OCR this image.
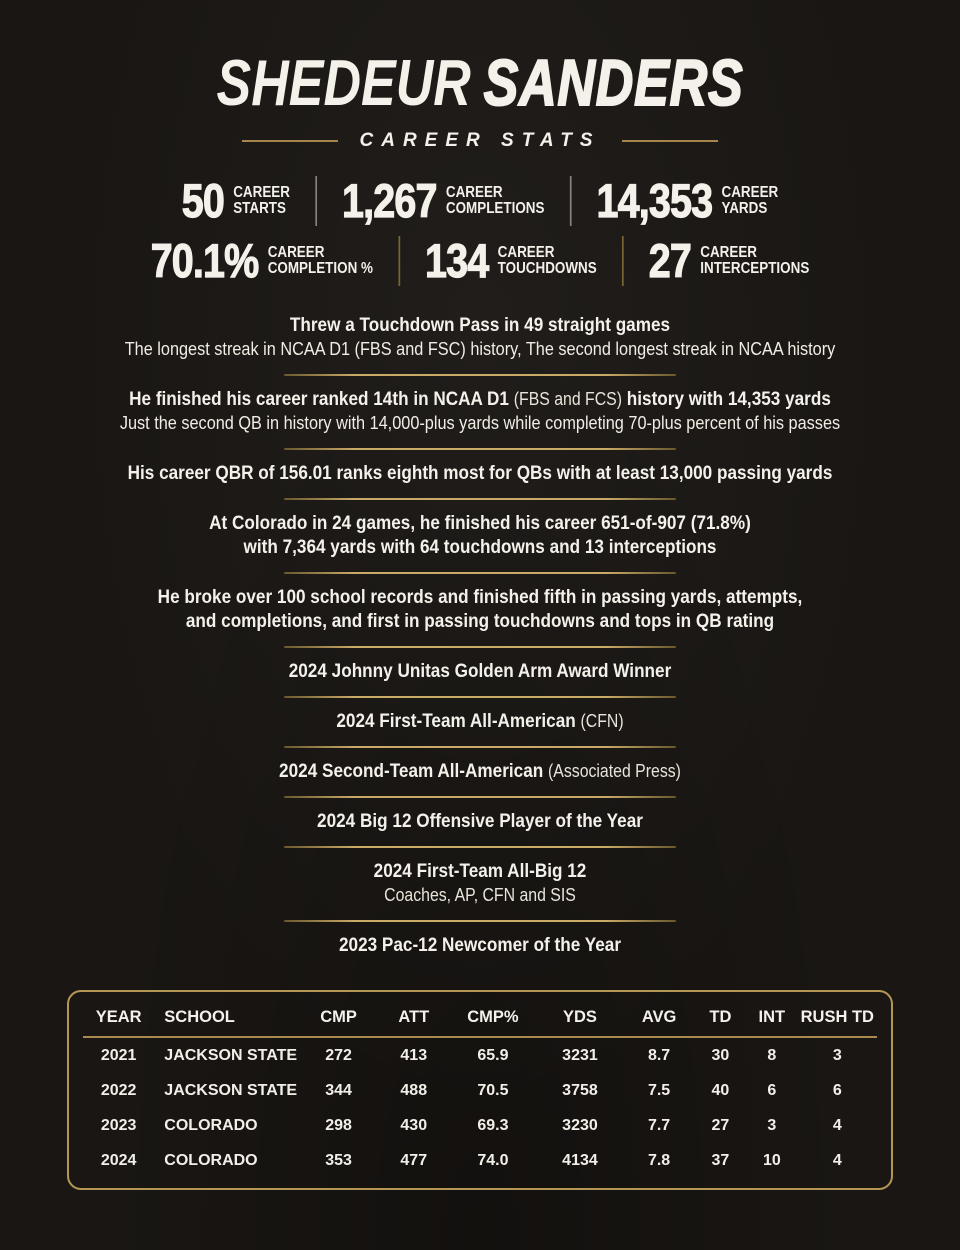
SHEDEUR SANDERS
CAREER STATS
50 CAREER
STARTS 1,267 CAREER
COMPLETIONS 14,353 CAREER
YARDS
70.1% CAREER
COMPLETION % 134 CAREER
TOUCHDOWNS 27 CAREER
INTERCEPTIONS
Threw a Touchdown Pass in 49 straight games
The longest streak in NCAA D1 (FBS and FSC) history, The second longest streak in NCAA history
He finished his career ranked 14th in NCAA D1 (FBS and FCS) history with 14,353 yards
Just the second QB in history with 14,000-plus yards while completing 70-plus percent of his passes
His career QBR of 156.01 ranks eighth most for QBs with at least 13,000 passing yards
At Colorado in 24 games, he finished his career 651-of-907 (71.8%)
with 7,364 yards with 64 touchdowns and 13 interceptions
He broke over 100 school records and finished fifth in passing yards, attempts,
and completions, and first in passing touchdowns and tops in QB rating
2024 Johnny Unitas Golden Arm Award Winner
2024 First-Team All-American (CFN)
2024 Second-Team All-American (Associated Press)
2024 Big 12 Offensive Player of the Year
2024 First-Team All-Big 12
Coaches, AP, CFN and SIS
2023 Pac-12 Newcomer of the Year
YEAR	SCHOOL	CMP	ATT	CMP%	YDS	AVG	TD	INT	RUSH TD
2021	JACKSON STATE	272	413	65.9	3231	8.7	30	8	3
2022	JACKSON STATE	344	488	70.5	3758	7.5	40	6	6
2023	COLORADO	298	430	69.3	3230	7.7	27	3	4
2024	COLORADO	353	477	74.0	4134	7.8	37	10	4
